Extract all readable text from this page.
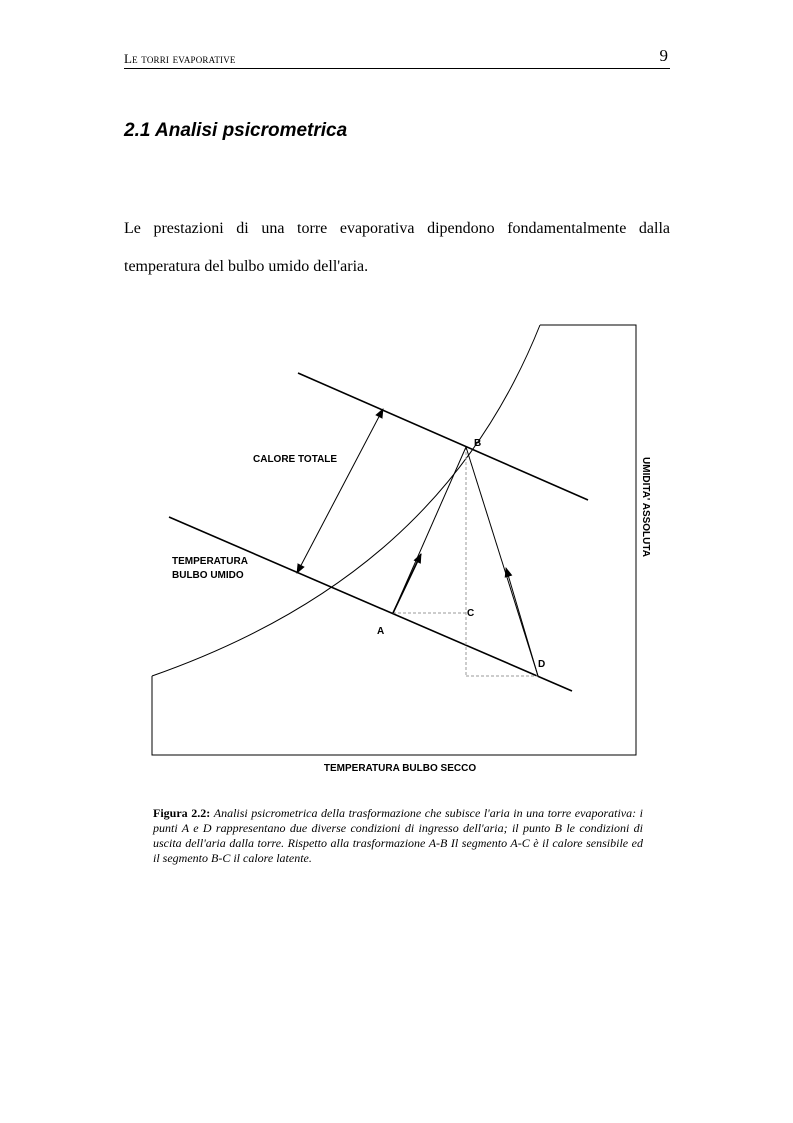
Le torri evaporative	9
2.1 Analisi psicrometrica

Le prestazioni di una torre evaporativa dipendono fondamentalmente dalla temperatura del bulbo umido dell'aria.

CALORE TOTALE
TEMPERATURA
BULBO UMIDO
TEMPERATURA BULBO SECCO
UMIDITA' ASSOLUTA
A
B
C
D

Figura 2.2: Analisi psicrometrica della trasformazione che subisce l'aria in una torre evaporativa: i punti A e D rappresentano due diverse condizioni di ingresso dell'aria; il punto B le condizioni di uscita dell'aria dalla torre. Rispetto alla trasformazione A-B Il segmento A-C è il calore sensibile ed il segmento B-C il calore latente.
